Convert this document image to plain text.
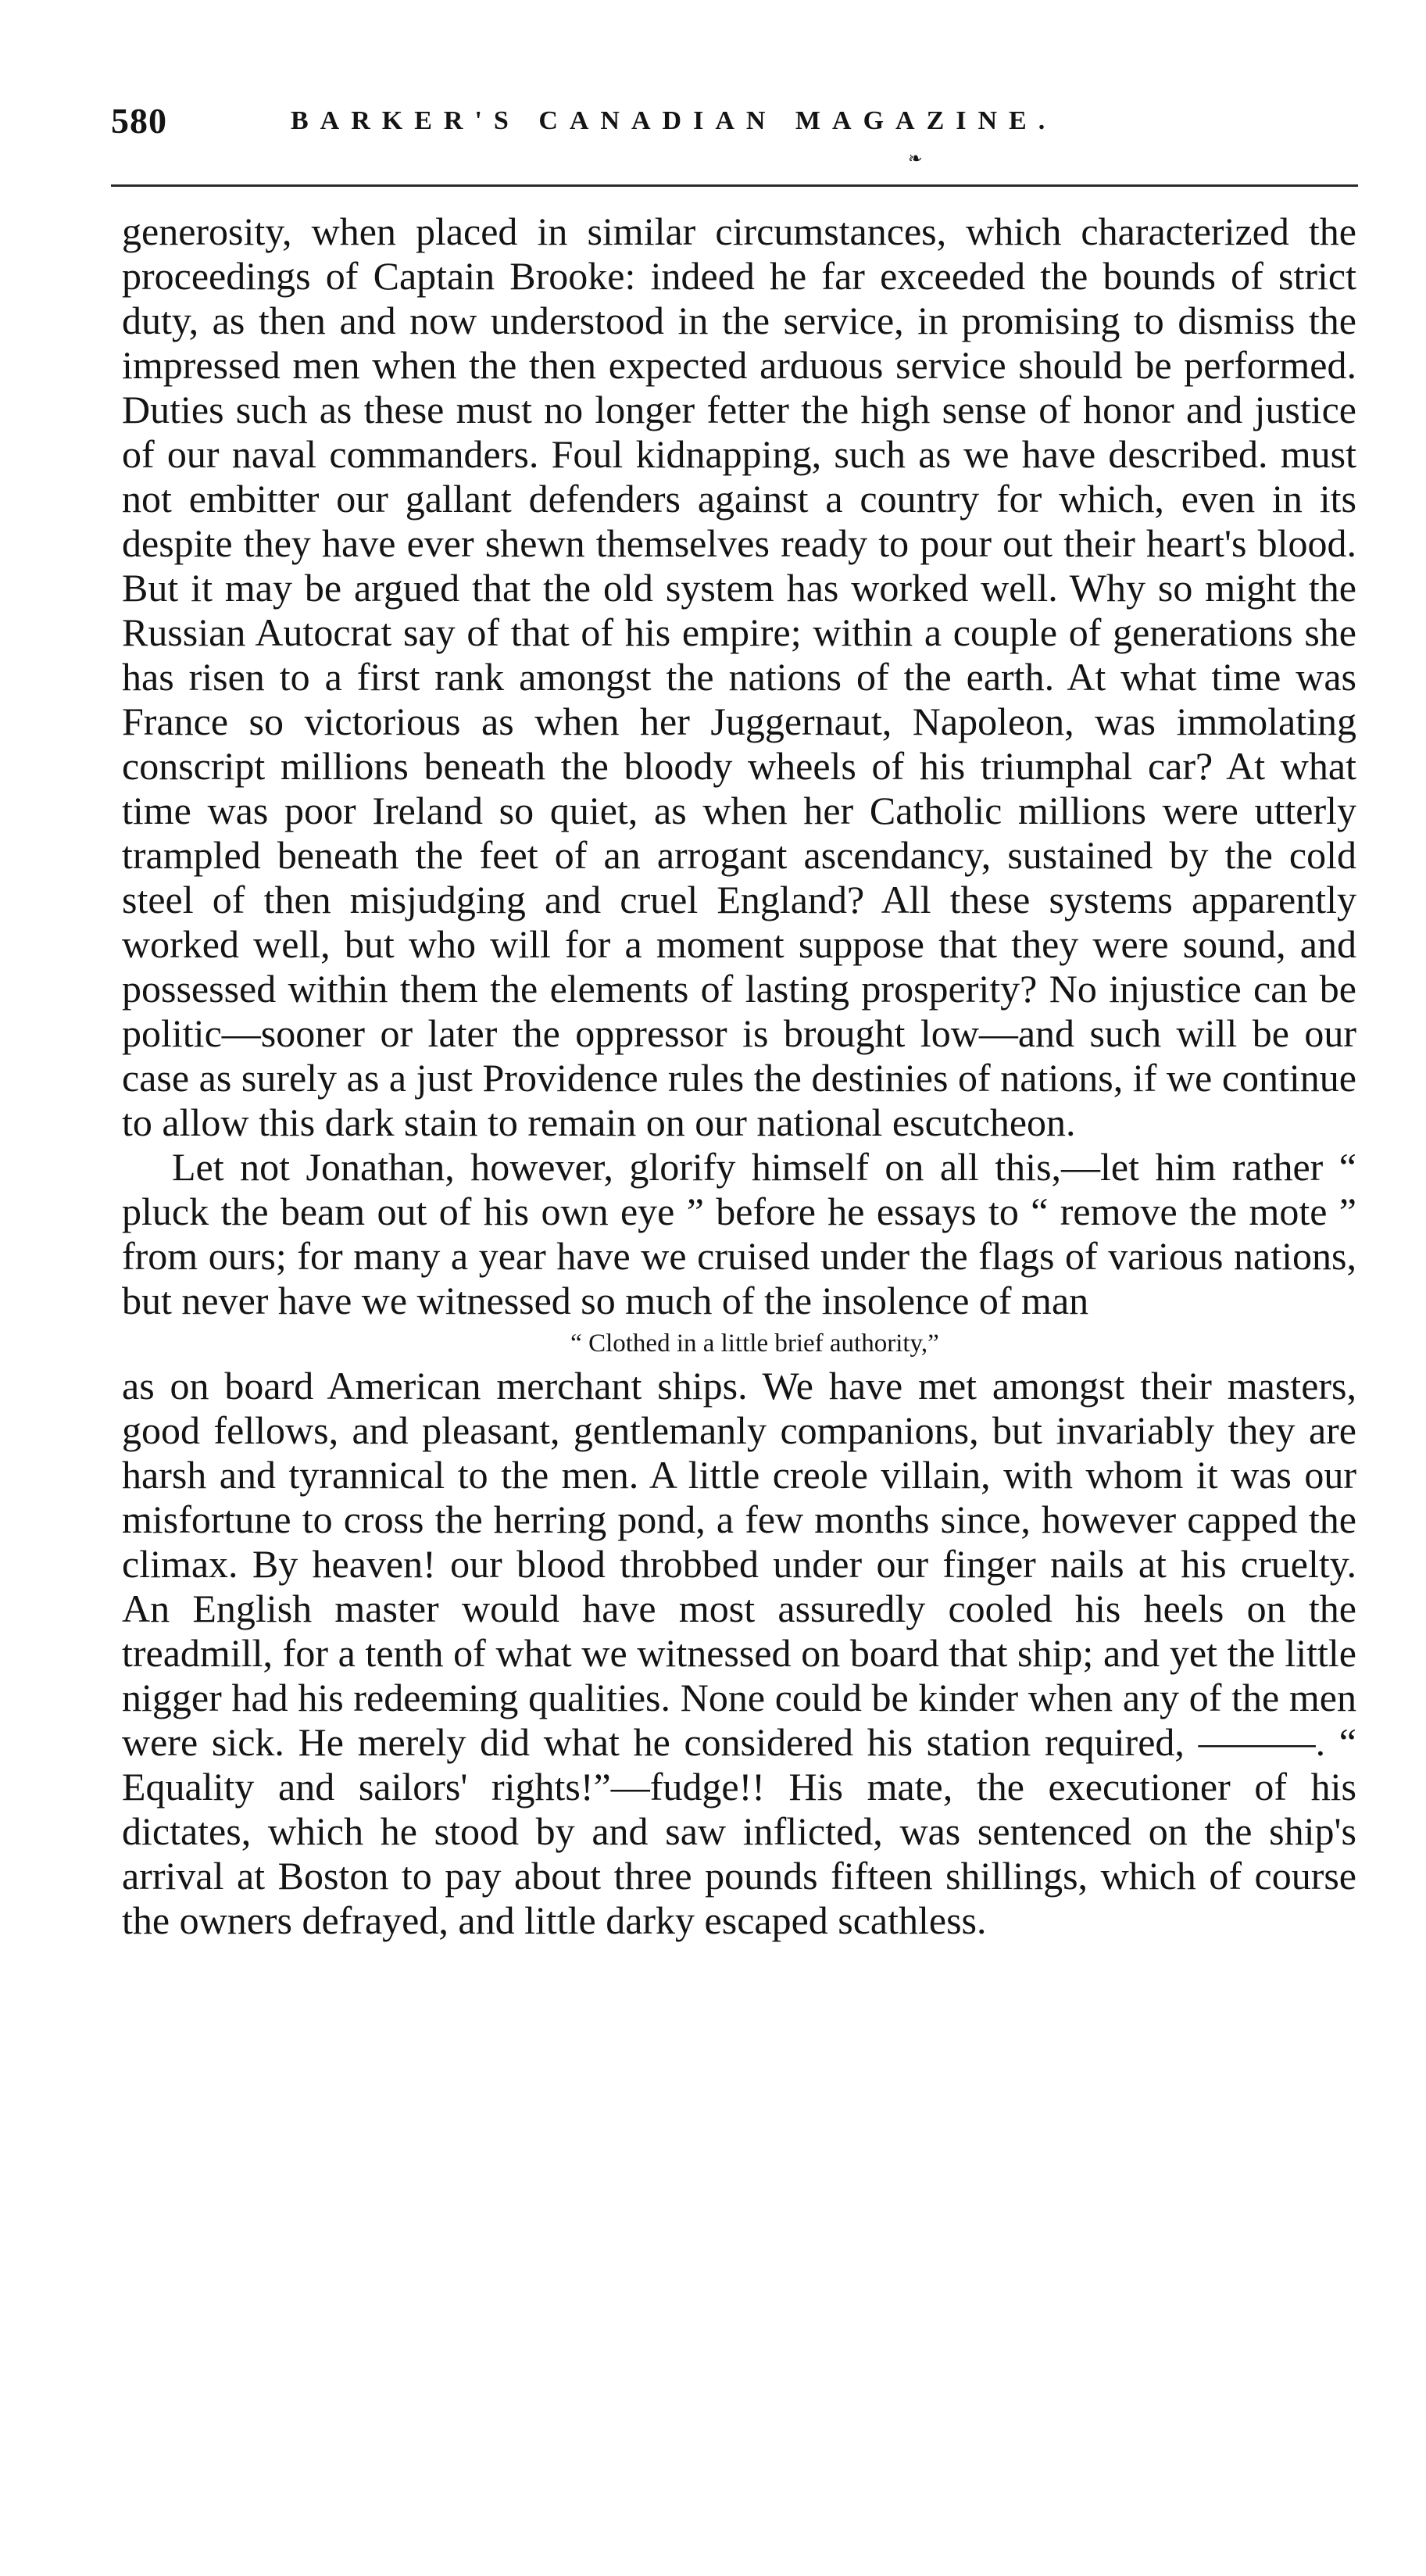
580	BARKER'S CANADIAN MAGAZINE.
❧

generosity, when placed in similar circumstances, which characterized the proceedings of Captain Brooke: indeed he far exceeded the bounds of strict duty, as then and now understood in the service, in promising to dismiss the impressed men when the then expected arduous service should be performed. Duties such as these must no longer fetter the high sense of honor and justice of our naval commanders. Foul kidnapping, such as we have described. must not embitter our gallant defenders against a country for which, even in its despite they have ever shewn themselves ready to pour out their heart's blood. But it may be argued that the old system has worked well. Why so might the Russian Autocrat say of that of his empire; within a couple of generations she has risen to a first rank amongst the nations of the earth. At what time was France so victorious as when her Juggernaut, Napoleon, was immolating conscript millions beneath the bloody wheels of his triumphal car? At what time was poor Ireland so quiet, as when her Catholic millions were utterly trampled beneath the feet of an arrogant ascendancy, sustained by the cold steel of then misjudging and cruel England? All these systems apparently worked well, but who will for a moment suppose that they were sound, and possessed within them the elements of lasting prosperity? No injustice can be politic—sooner or later the oppressor is brought low—and such will be our case as surely as a just Providence rules the destinies of nations, if we continue to allow this dark stain to remain on our national escutcheon.

Let not Jonathan, however, glorify himself on all this,—let him rather “ pluck the beam out of his own eye ” before he essays to “ remove the mote ” from ours; for many a year have we cruised under the flags of various nations, but never have we witnessed so much of the insolence of man

“ Clothed in a little brief authority,”

as on board American merchant ships. We have met amongst their masters, good fellows, and pleasant, gentlemanly companions, but invariably they are harsh and tyrannical to the men. A little creole villain, with whom it was our misfortune to cross the herring pond, a few months since, however capped the climax. By heaven! our blood throbbed under our finger nails at his cruelty. An English master would have most assuredly cooled his heels on the treadmill, for a tenth of what we witnessed on board that ship; and yet the little nigger had his redeeming qualities. None could be kinder when any of the men were sick. He merely did what he considered his station required, ———. “ Equality and sailors' rights!”—fudge!! His mate, the executioner of his dictates, which he stood by and saw inflicted, was sentenced on the ship's arrival at Boston to pay about three pounds fifteen shillings, which of course the owners defrayed, and little darky escaped scathless.
